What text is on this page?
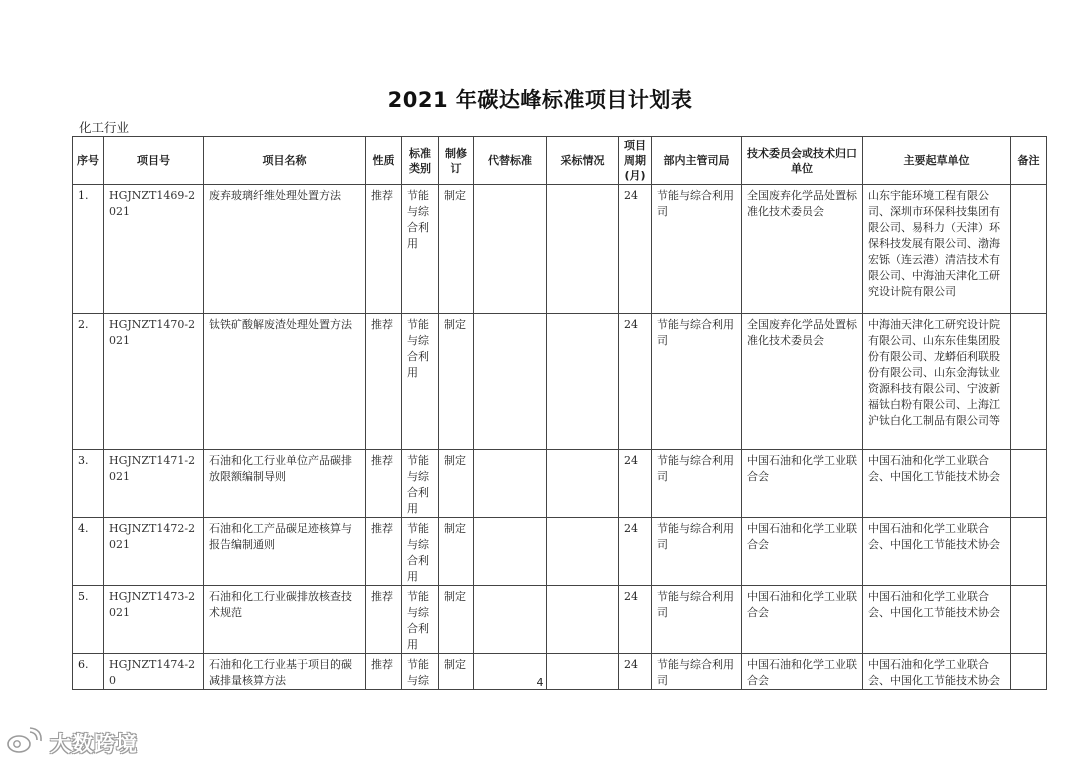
2021 年碳达峰标准项目计划表
化工行业
序号	项目号	项目名称	性质	标准类别	制修订	代替标准	采标情况	项目周期(月)	部内主管司局	技术委员会或技术归口单位	主要起草单位	备注
1.	HGJNZT1469-2021	废弃玻璃纤维处理处置方法	推荐	节能与综合利用	制定			24	节能与综合利用司	全国废弃化学品处置标准化技术委员会	山东宇能环境工程有限公司、深圳市环保科技集团有限公司、易科力（天津）环保科技发展有限公司、渤海宏铄（连云港）清洁技术有限公司、中海油天津化工研究设计院有限公司	
2.	HGJNZT1470-2021	钛铁矿酸解废渣处理处置方法	推荐	节能与综合利用	制定			24	节能与综合利用司	全国废弃化学品处置标准化技术委员会	中海油天津化工研究设计院有限公司、山东东佳集团股份有限公司、龙蟒佰利联股份有限公司、山东金海钛业资源科技有限公司、宁波新福钛白粉有限公司、上海江沪钛白化工制品有限公司等	
3.	HGJNZT1471-2021	石油和化工行业单位产品碳排放限额编制导则	推荐	节能与综合利用	制定			24	节能与综合利用司	中国石油和化学工业联合会	中国石油和化学工业联合会、中国化工节能技术协会	
4.	HGJNZT1472-2021	石油和化工产品碳足迹核算与报告编制通则	推荐	节能与综合利用	制定			24	节能与综合利用司	中国石油和化学工业联合会	中国石油和化学工业联合会、中国化工节能技术协会	
5.	HGJNZT1473-2021	石油和化工行业碳排放核查技术规范	推荐	节能与综合利用	制定			24	节能与综合利用司	中国石油和化学工业联合会	中国石油和化学工业联合会、中国化工节能技术协会	
6.	HGJNZT1474-20	石油和化工行业基于项目的碳减排量核算方法	推荐	节能与综	制定			24	节能与综合利用司	中国石油和化学工业联合会	中国石油和化学工业联合会、中国化工节能技术协会	
4
大数跨境
